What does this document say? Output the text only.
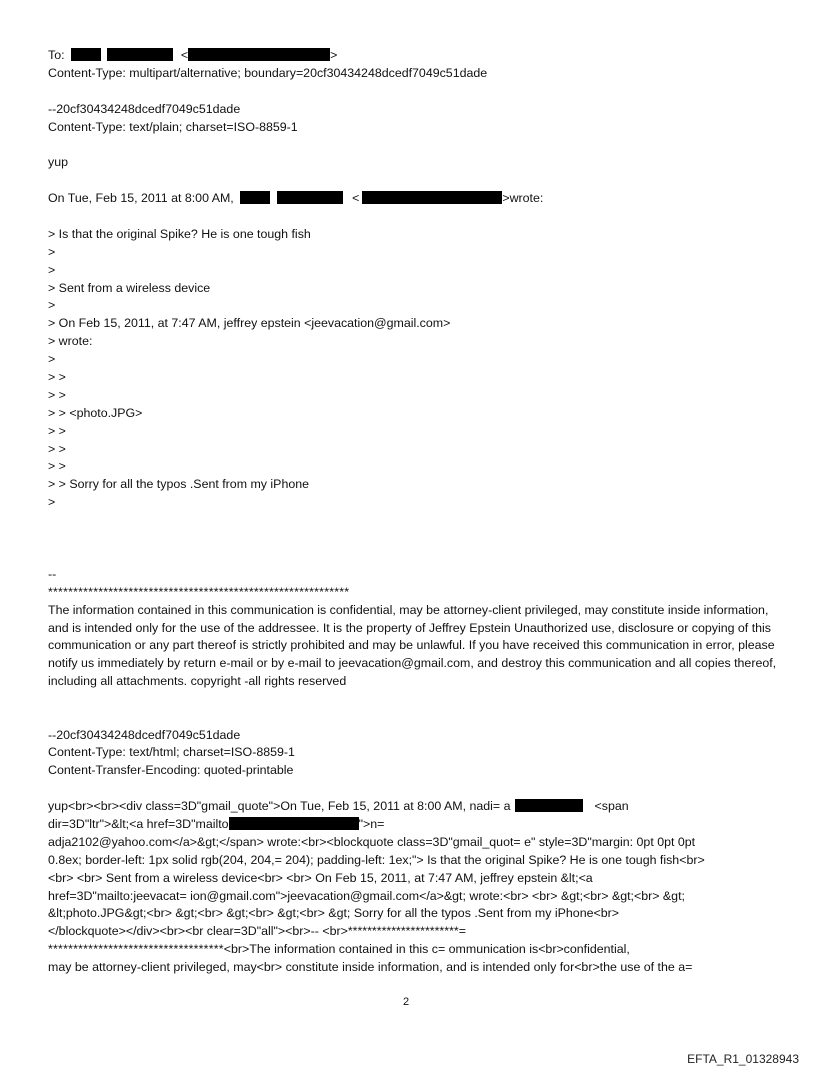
To:	<	>
Content-Type: multipart/alternative; boundary=20cf30434248dcedf7049c51dade
--20cf30434248dcedf7049c51dade
Content-Type: text/plain; charset=ISO-8859-1
yup
On Tue, Feb 15, 2011 at 8:00 AM,	<	>wrote:
> Is that the original Spike? He is one tough fish
>
>
> Sent from a wireless device
>
> On Feb 15, 2011, at 7:47 AM, jeffrey epstein <jeevacation@gmail.com>
> wrote:
>
> >
> >
> > <photo.JPG>
> >
> >
> >
> > Sorry for all the typos .Sent from my iPhone
>
--
************************************************************
The information contained in this communication is confidential, may be attorney-client privileged, may constitute inside information, and is intended only for the use of the addressee. It is the property of Jeffrey Epstein Unauthorized use, disclosure or copying of this communication or any part thereof is strictly prohibited and may be unlawful. If you have received this communication in error, please notify us immediately by return e-mail or by e-mail to jeevacation@gmail.com, and destroy this communication and all copies thereof, including all attachments. copyright -all rights reserved
--20cf30434248dcedf7049c51dade
Content-Type: text/html; charset=ISO-8859-1
Content-Transfer-Encoding: quoted-printable
yup<br><br><div class=3D"gmail_quote">On Tue, Feb 15, 2011 at 8:00 AM, nadi= a	<span
dir=3D"ltr">&lt;<a href=3D"mailto	">n=
adja2102@yahoo.com</a>&gt;</span> wrote:<br><blockquote class=3D"gmail_quot= e" style=3D"margin: 0pt 0pt 0pt
0.8ex; border-left: 1px solid rgb(204, 204,= 204); padding-left: 1ex;"> Is that the original Spike? He is one tough fish<br>
<br> <br> Sent from a wireless device<br> <br> On Feb 15, 2011, at 7:47 AM, jeffrey epstein &lt;<a
href=3D"mailto:jeevacat= ion@gmail.com">jeevacation@gmail.com</a>&gt; wrote:<br> <br> &gt;<br> &gt;<br> &gt;
&lt;photo.JPG&gt;<br> &gt;<br> &gt;<br> &gt;<br> &gt; Sorry for all the typos .Sent from my iPhone<br>
</blockquote></div><br><br clear=3D"all"><br>-- <br>***********************=
***********************************<br>The information contained in this c= ommunication is<br>confidential,
may be attorney-client privileged, may<br> constitute inside information, and is intended only for<br>the use of the a=
2
EFTA_R1_01328943
